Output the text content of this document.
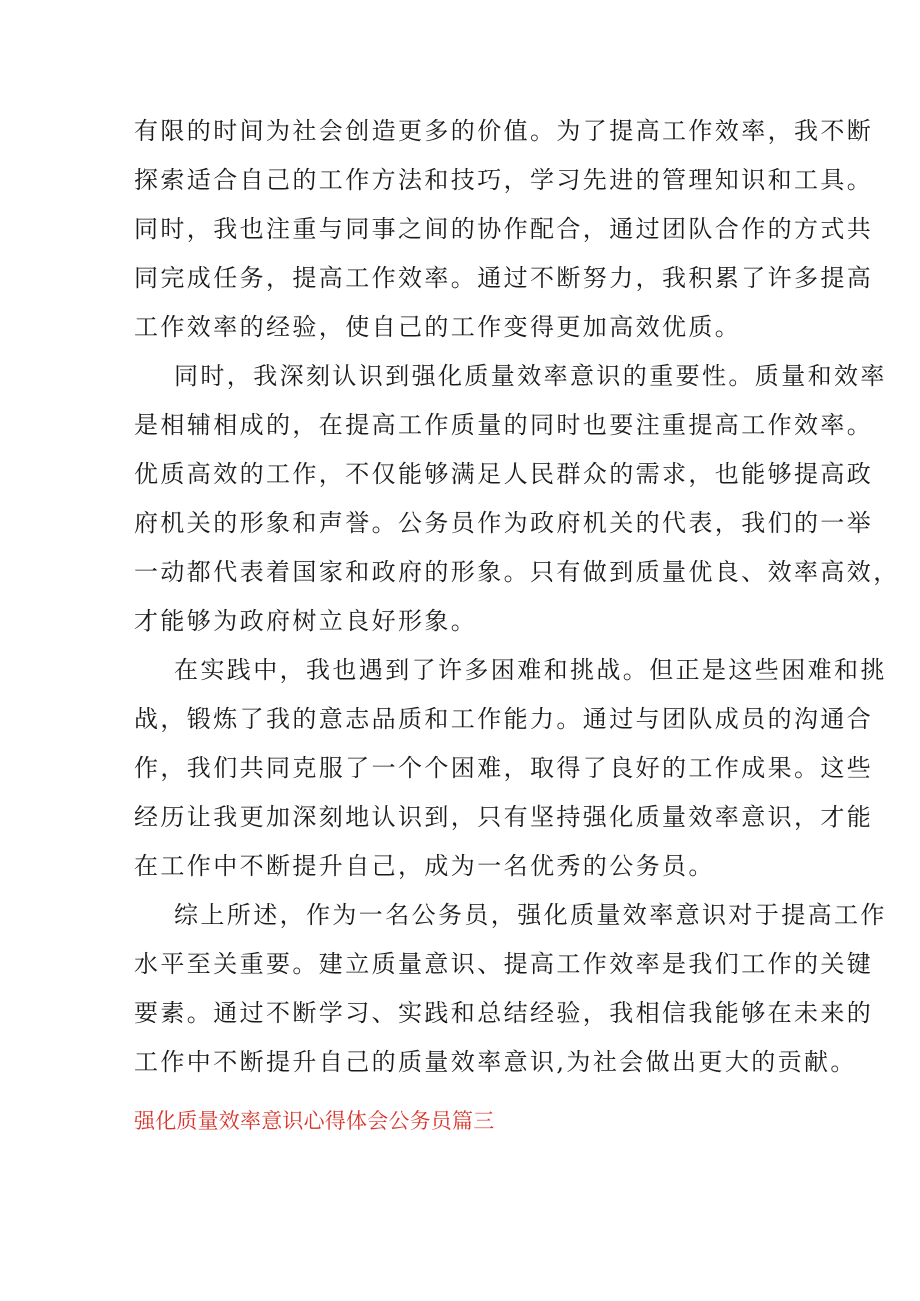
有限的时间为社会创造更多的价值。为了提高工作效率，我不断
探索适合自己的工作方法和技巧，学习先进的管理知识和工具。
同时，我也注重与同事之间的协作配合，通过团队合作的方式共
同完成任务，提高工作效率。通过不断努力，我积累了许多提高
工作效率的经验，使自己的工作变得更加高效优质。
同时，我深刻认识到强化质量效率意识的重要性。质量和效率
是相辅相成的，在提高工作质量的同时也要注重提高工作效率。
优质高效的工作，不仅能够满足人民群众的需求，也能够提高政
府机关的形象和声誉。公务员作为政府机关的代表，我们的一举
一动都代表着国家和政府的形象。只有做到质量优良、效率高效，
才能够为政府树立良好形象。
在实践中，我也遇到了许多困难和挑战。但正是这些困难和挑
战，锻炼了我的意志品质和工作能力。通过与团队成员的沟通合
作，我们共同克服了一个个困难，取得了良好的工作成果。这些
经历让我更加深刻地认识到，只有坚持强化质量效率意识，才能
在工作中不断提升自己，成为一名优秀的公务员。
综上所述，作为一名公务员，强化质量效率意识对于提高工作
水平至关重要。建立质量意识、提高工作效率是我们工作的关键
要素。通过不断学习、实践和总结经验，我相信我能够在未来的
工作中不断提升自己的质量效率意识,为社会做出更大的贡献。
强化质量效率意识心得体会公务员篇三
